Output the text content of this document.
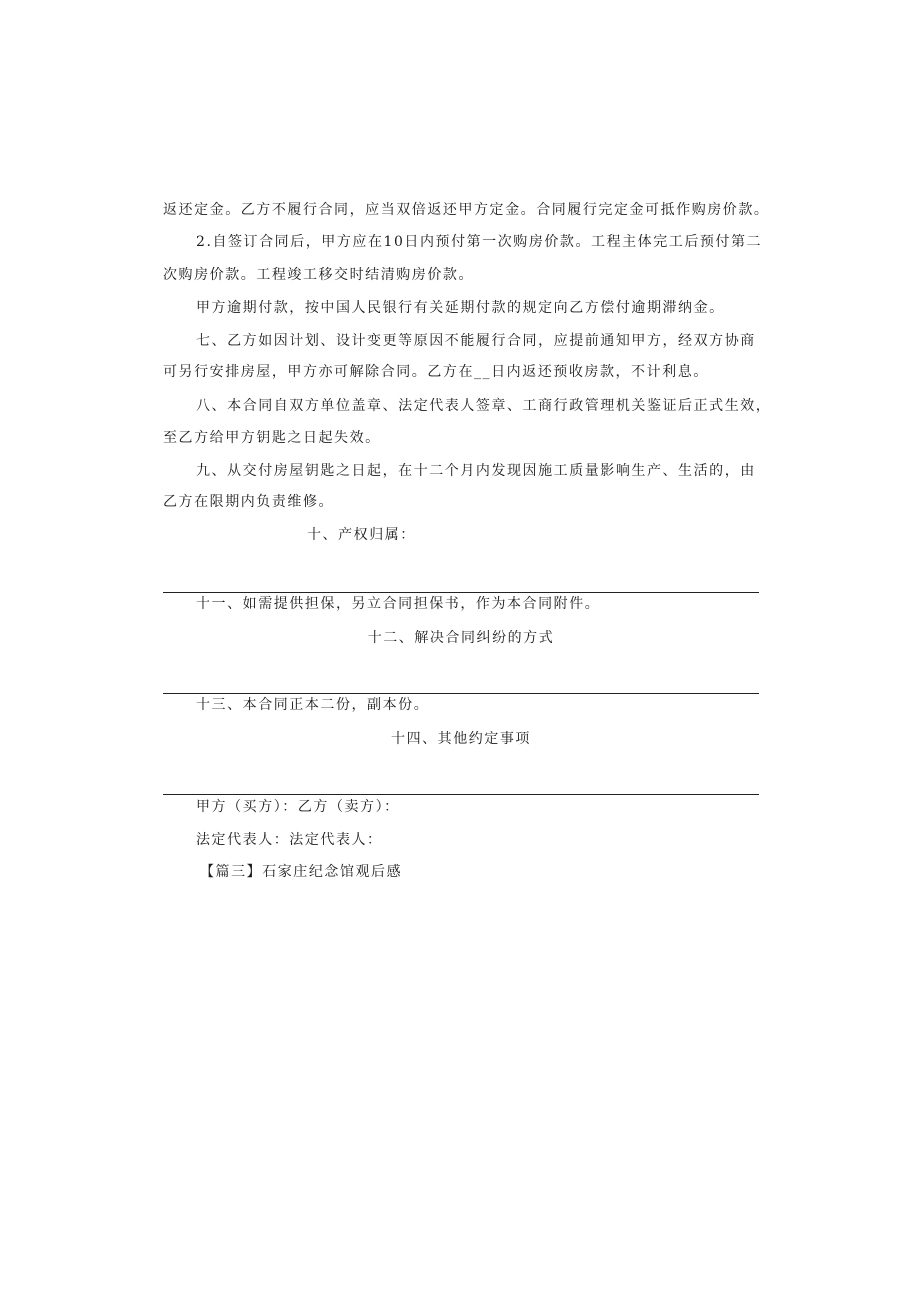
返还定金。乙方不履行合同，应当双倍返还甲方定金。合同履行完定金可抵作购房价款。
2.自签订合同后，甲方应在10日内预付第一次购房价款。工程主体完工后预付第二
次购房价款。工程竣工移交时结清购房价款。
甲方逾期付款，按中国人民银行有关延期付款的规定向乙方偿付逾期滞纳金。
七、乙方如因计划、设计变更等原因不能履行合同，应提前通知甲方，经双方协商
可另行安排房屋，甲方亦可解除合同。乙方在__日内返还预收房款，不计利息。
八、本合同自双方单位盖章、法定代表人签章、工商行政管理机关鉴证后正式生效，
至乙方给甲方钥匙之日起失效。
九、从交付房屋钥匙之日起，在十二个月内发现因施工质量影响生产、生活的，由
乙方在限期内负责维修。
十、产权归属：
十一、如需提供担保，另立合同担保书，作为本合同附件。
十二、解决合同纠纷的方式
十三、本合同正本二份，副本份。
十四、其他约定事项
甲方（买方）：乙方（卖方）：
法定代表人：法定代表人：
【篇三】石家庄纪念馆观后感
